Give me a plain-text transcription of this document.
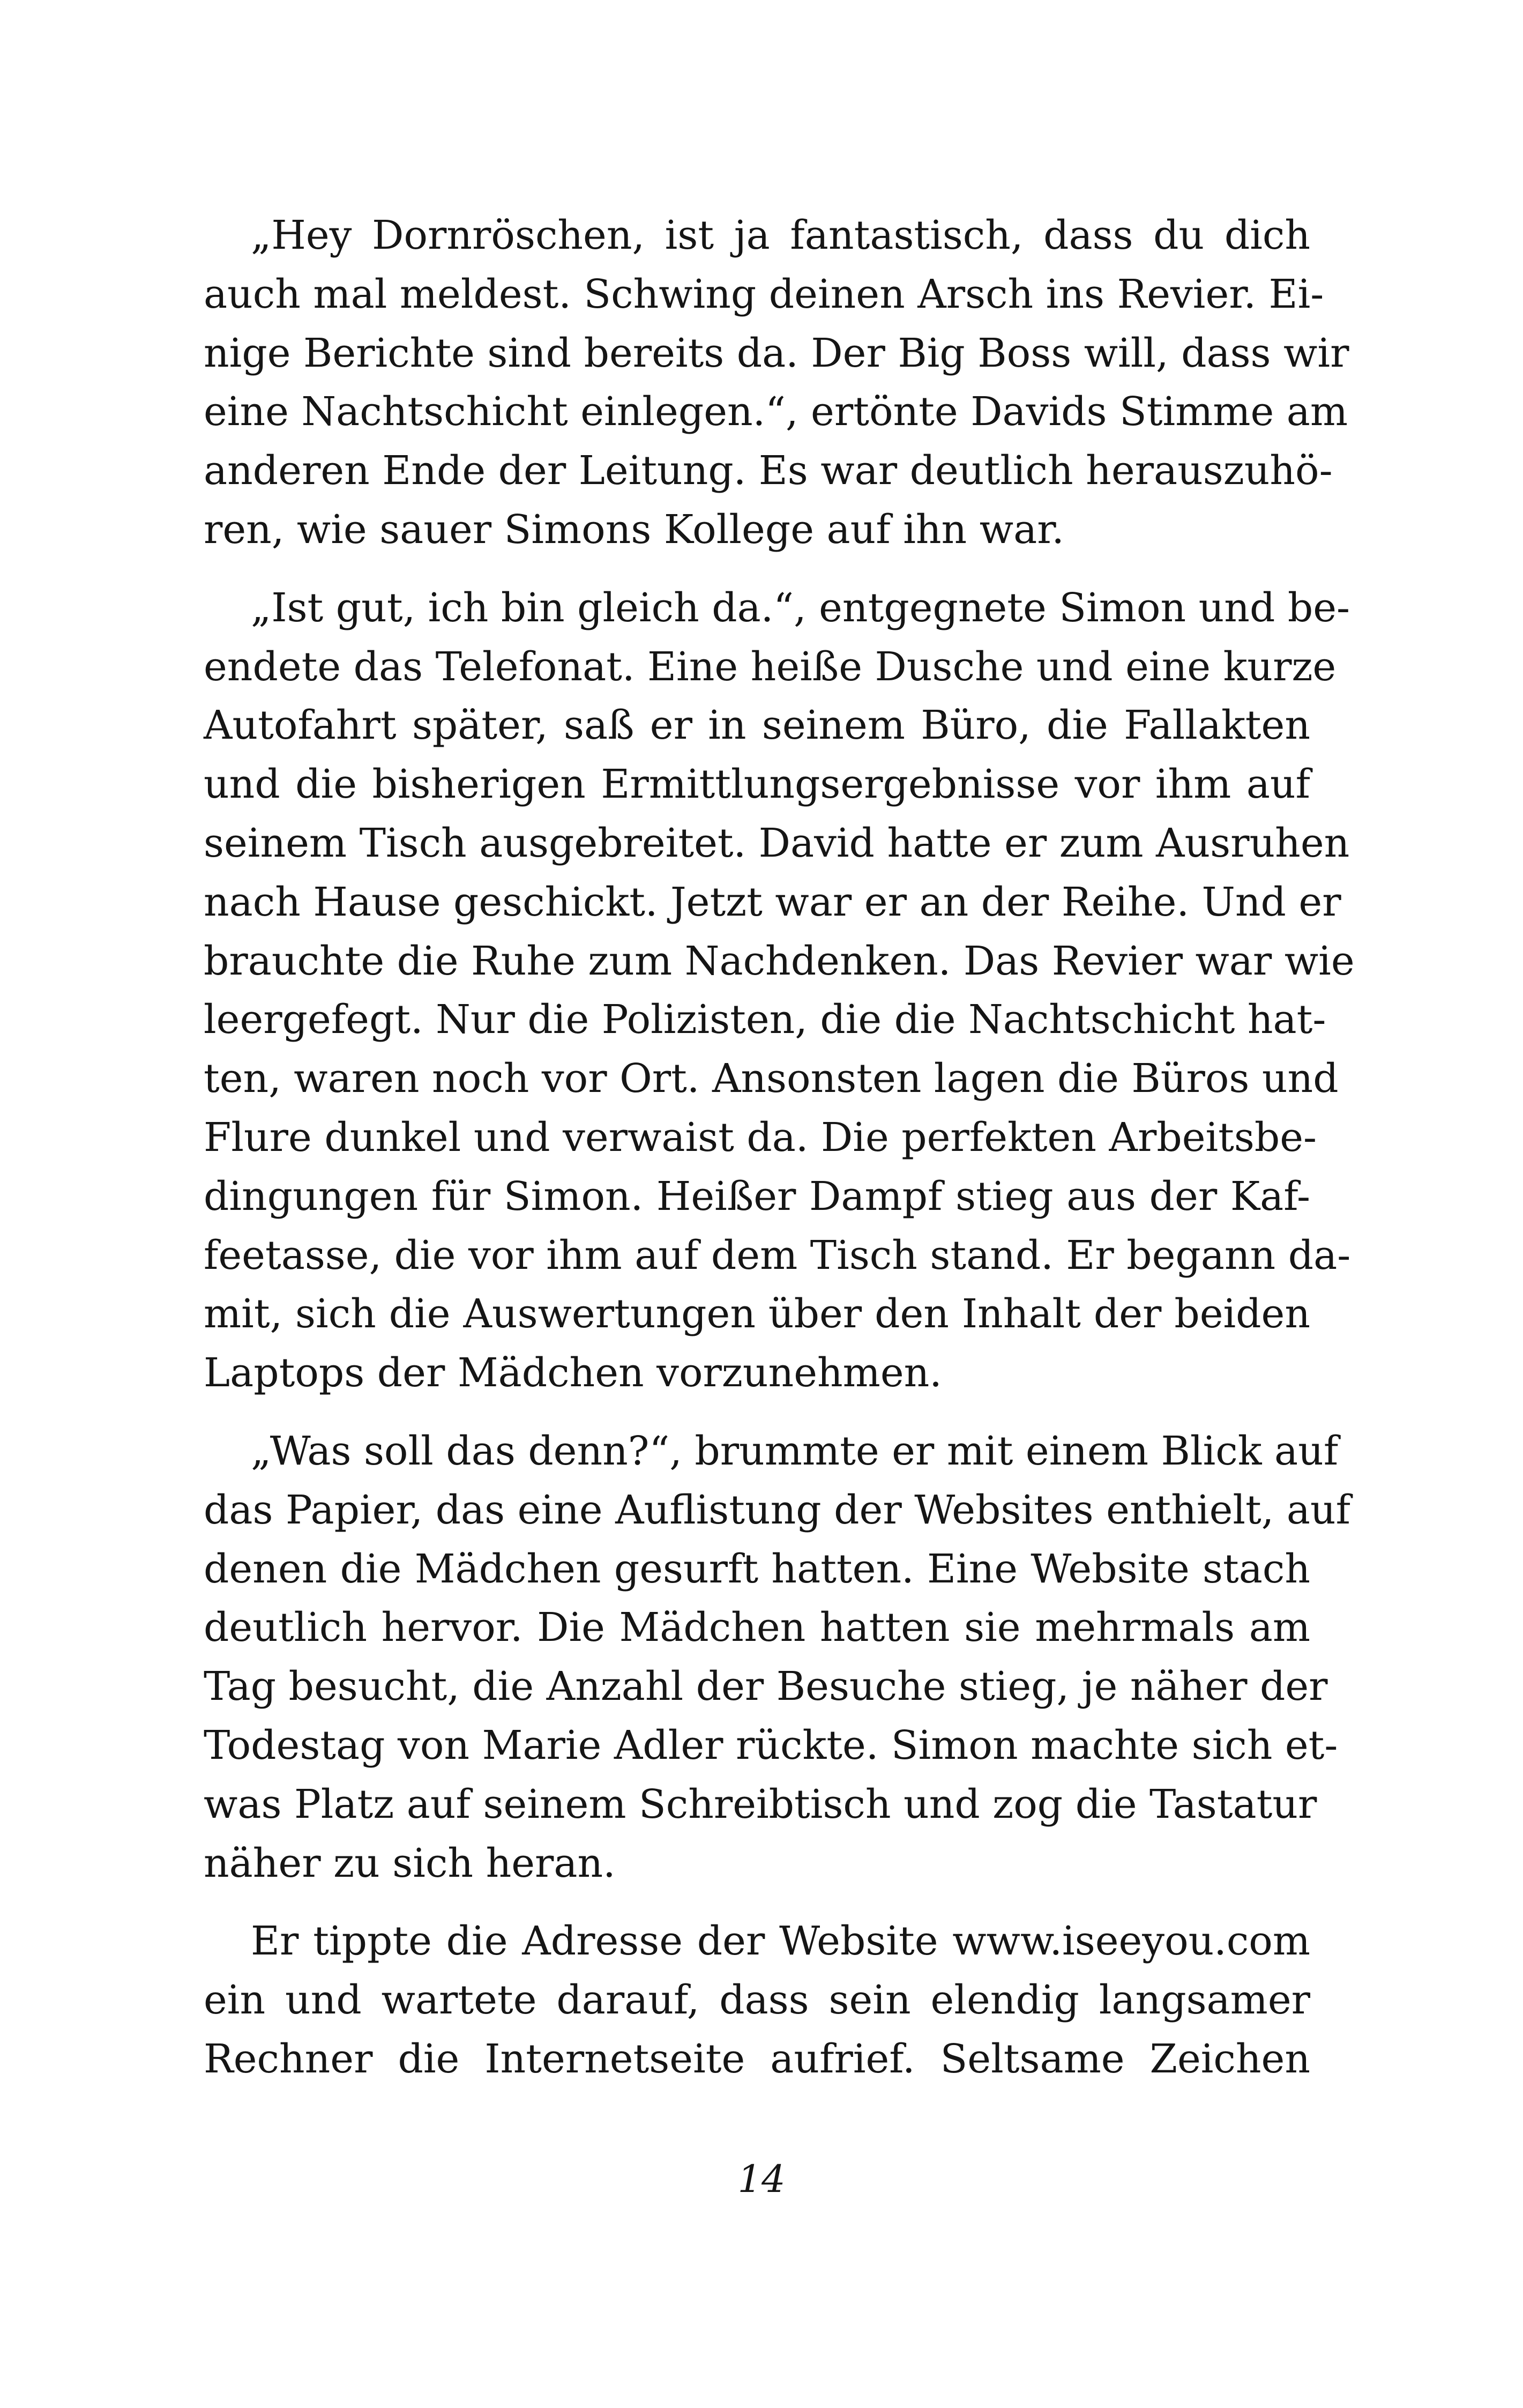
„Hey Dornröschen, ist ja fantastisch, dass du dich
auch mal meldest. Schwing deinen Arsch ins Revier. Ei-
nige Berichte sind bereits da. Der Big Boss will, dass wir
eine Nachtschicht einlegen.“, ertönte Davids Stimme am
anderen Ende der Leitung. Es war deutlich herauszuhö-
ren, wie sauer Simons Kollege auf ihn war.
„Ist gut, ich bin gleich da.“, entgegnete Simon und be-
endete das Telefonat. Eine heiße Dusche und eine kurze
Autofahrt später, saß er in seinem Büro, die Fallakten
und die bisherigen Ermittlungsergebnisse vor ihm auf
seinem Tisch ausgebreitet. David hatte er zum Ausruhen
nach Hause geschickt. Jetzt war er an der Reihe. Und er
brauchte die Ruhe zum Nachdenken. Das Revier war wie
leergefegt. Nur die Polizisten, die die Nachtschicht hat-
ten, waren noch vor Ort. Ansonsten lagen die Büros und
Flure dunkel und verwaist da. Die perfekten Arbeitsbe-
dingungen für Simon. Heißer Dampf stieg aus der Kaf-
feetasse, die vor ihm auf dem Tisch stand. Er begann da-
mit, sich die Auswertungen über den Inhalt der beiden
Laptops der Mädchen vorzunehmen.
„Was soll das denn?“, brummte er mit einem Blick auf
das Papier, das eine Auflistung der Websites enthielt, auf
denen die Mädchen gesurft hatten. Eine Website stach
deutlich hervor. Die Mädchen hatten sie mehrmals am
Tag besucht, die Anzahl der Besuche stieg, je näher der
Todestag von Marie Adler rückte. Simon machte sich et-
was Platz auf seinem Schreibtisch und zog die Tastatur
näher zu sich heran.
Er tippte die Adresse der Website www.iseeyou.com
ein und wartete darauf, dass sein elendig langsamer
Rechner die Internetseite aufrief. Seltsame Zeichen
14
